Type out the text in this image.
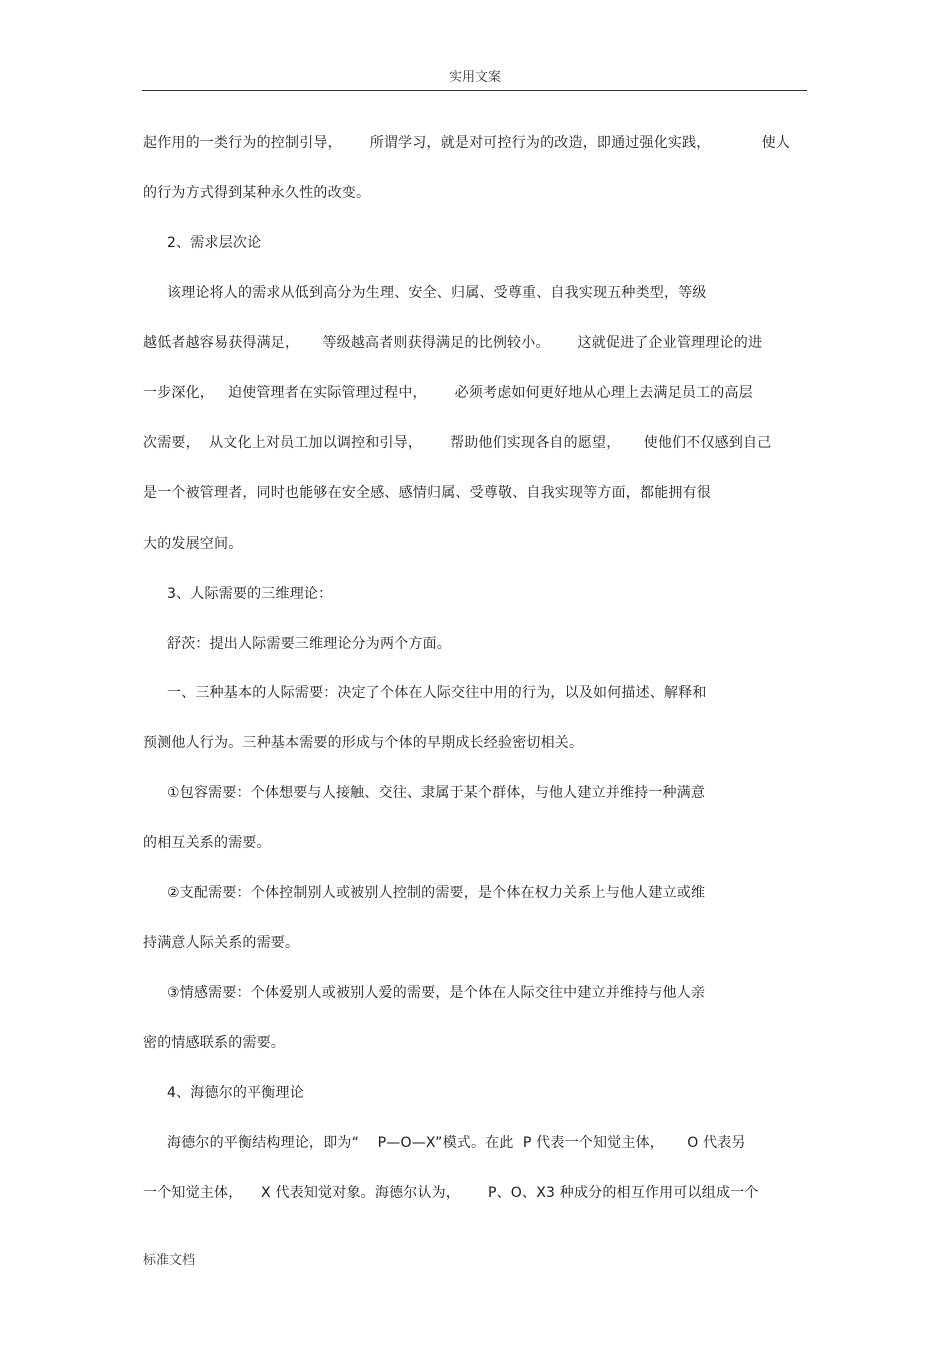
实用文案
起作用的一类行为的控制引导，      所谓学习，就是对可控行为的改造，即通过强化实践，           使人
的行为方式得到某种永久性的改变。
2、需求层次论
该理论将人的需求从低到高分为生理、安全、归属、受尊重、自我实现五种类型，等级
越低者越容易获得满足，     等级越高者则获得满足的比例较小。      这就促进了企业管理理论的进
一步深化，   迫使管理者在实际管理过程中，      必须考虑如何更好地从心理上去满足员工的高层
次需要，  从文化上对员工加以调控和引导，      帮助他们实现各自的愿望，     使他们不仅感到自己
是一个被管理者，同时也能够在安全感、感情归属、受尊敬、自我实现等方面，都能拥有很
大的发展空间。
3、人际需要的三维理论：
舒茨：提出人际需要三维理论分为两个方面。
一、三种基本的人际需要：决定了个体在人际交往中用的行为，以及如何描述、解释和
预测他人行为。三种基本需要的形成与个体的早期成长经验密切相关。
①包容需要：个体想要与人接触、交往、隶属于某个群体，与他人建立并维持一种满意
的相互关系的需要。
②支配需要：个体控制别人或被别人控制的需要，是个体在权力关系上与他人建立或维
持满意人际关系的需要。
③情感需要：个体爱别人或被别人爱的需要，是个体在人际交往中建立并维持与他人亲
密的情感联系的需要。
4、海德尔的平衡理论
海德尔的平衡结构理论，即为“    P—O—X”模式。在此  P 代表一个知觉主体，     O 代表另
一个知觉主体，    X 代表知觉对象。海德尔认为，      P、O、X3 种成分的相互作用可以组成一个
标准文档
